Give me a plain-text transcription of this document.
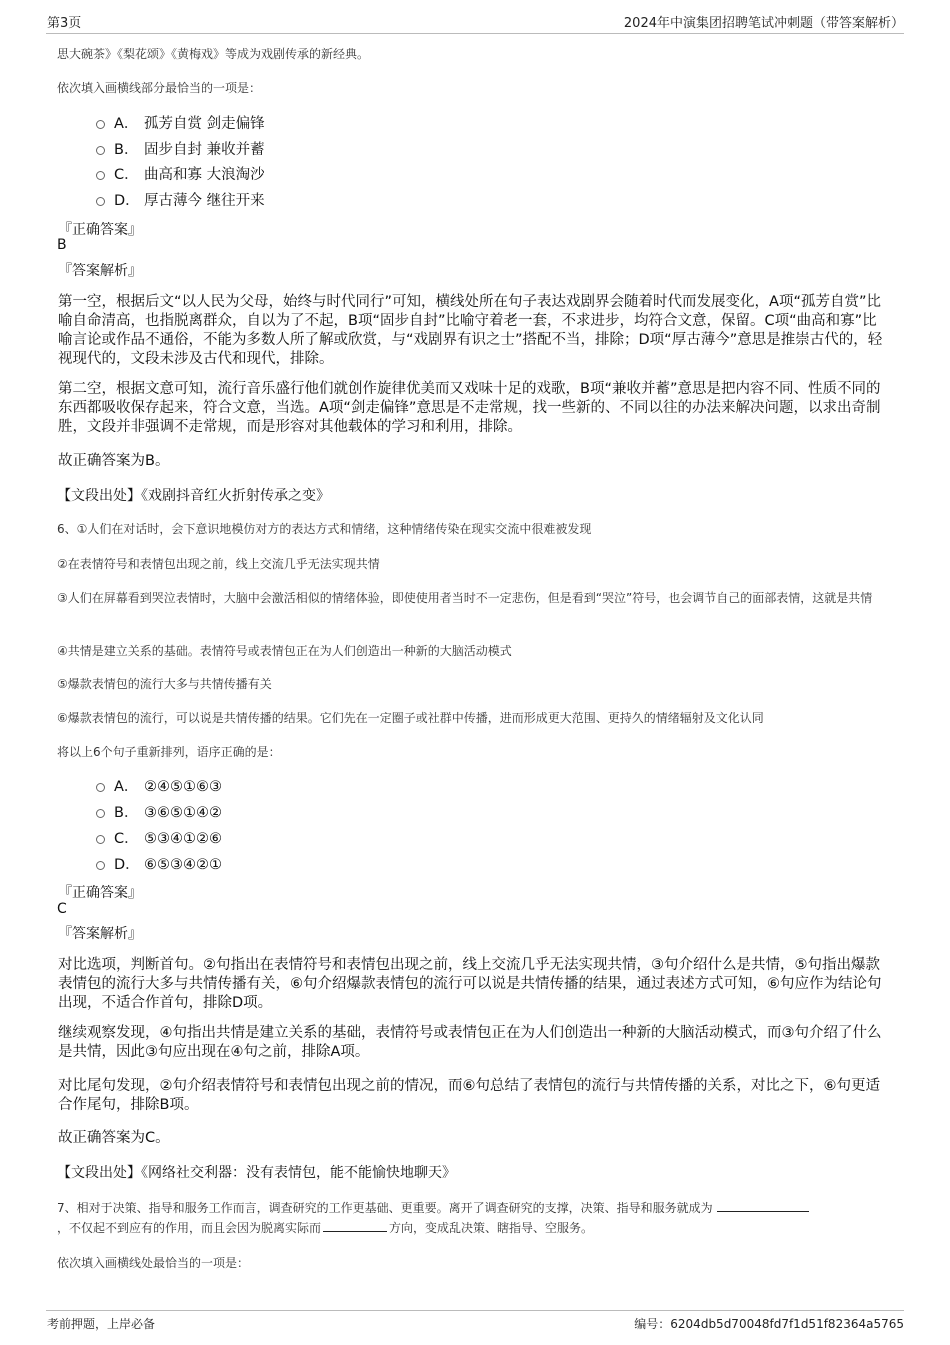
第3页	2024年中演集团招聘笔试冲刺题（带答案解析）
思大碗茶》《梨花颂》《黄梅戏》等成为戏剧传承的新经典。
依次填入画横线部分最恰当的一项是：
A． 孤芳自赏 剑走偏锋
B． 固步自封 兼收并蓄
C． 曲高和寡 大浪淘沙
D． 厚古薄今 继往开来
『正确答案』
B
『答案解析』
第一空，根据后文“以人民为父母，始终与时代同行”可知，横线处所在句子表达戏剧界会随着时代而发展变化，A项“孤芳自赏”比喻自命清高，也指脱离群众，自以为了不起，B项“固步自封”比喻守着老一套，不求进步，均符合文意，保留。C项“曲高和寡”比喻言论或作品不通俗，不能为多数人所了解或欣赏，与“戏剧界有识之士”搭配不当，排除；D项“厚古薄今”意思是推崇古代的，轻视现代的，文段未涉及古代和现代，排除。
第二空，根据文意可知，流行音乐盛行他们就创作旋律优美而又戏味十足的戏歌，B项“兼收并蓄”意思是把内容不同、性质不同的东西都吸收保存起来，符合文意，当选。A项“剑走偏锋”意思是不走常规，找一些新的、不同以往的办法来解决问题，以求出奇制胜，文段并非强调不走常规，而是形容对其他载体的学习和利用，排除。
故正确答案为B。
【文段出处】《戏剧抖音红火折射传承之变》
6、①人们在对话时，会下意识地模仿对方的表达方式和情绪，这种情绪传染在现实交流中很难被发现
②在表情符号和表情包出现之前，线上交流几乎无法实现共情
③人们在屏幕看到哭泣表情时，大脑中会激活相似的情绪体验，即使使用者当时不一定悲伤，但是看到“哭泣”符号，也会调节自己的面部表情，这就是共情
④共情是建立关系的基础。表情符号或表情包正在为人们创造出一种新的大脑活动模式
⑤爆款表情包的流行大多与共情传播有关
⑥爆款表情包的流行，可以说是共情传播的结果。它们先在一定圈子或社群中传播，进而形成更大范围、更持久的情绪辐射及文化认同
将以上6个句子重新排列，语序正确的是：
A． ②④⑤①⑥③
B． ③⑥⑤①④②
C． ⑤③④①②⑥
D． ⑥⑤③④②①
『正确答案』
C
『答案解析』
对比选项，判断首句。②句指出在表情符号和表情包出现之前，线上交流几乎无法实现共情，③句介绍什么是共情，⑤句指出爆款表情包的流行大多与共情传播有关，⑥句介绍爆款表情包的流行可以说是共情传播的结果，通过表述方式可知，⑥句应作为结论句出现，不适合作首句，排除D项。
继续观察发现，④句指出共情是建立关系的基础，表情符号或表情包正在为人们创造出一种新的大脑活动模式，而③句介绍了什么是共情，因此③句应出现在④句之前，排除A项。
对比尾句发现，②句介绍表情符号和表情包出现之前的情况，而⑥句总结了表情包的流行与共情传播的关系，对比之下，⑥句更适合作尾句，排除B项。
故正确答案为C。
【文段出处】《网络社交利器：没有表情包，能不能愉快地聊天》
7、相对于决策、指导和服务工作而言，调查研究的工作更基础、更重要。离开了调查研究的支撑，决策、指导和服务就成为
，不仅起不到应有的作用，而且会因为脱离实际而	方向，变成乱决策、瞎指导、空服务。
依次填入画横线处最恰当的一项是：
考前押题，上岸必备	编号：6204db5d70048fd7f1d51f82364a5765
